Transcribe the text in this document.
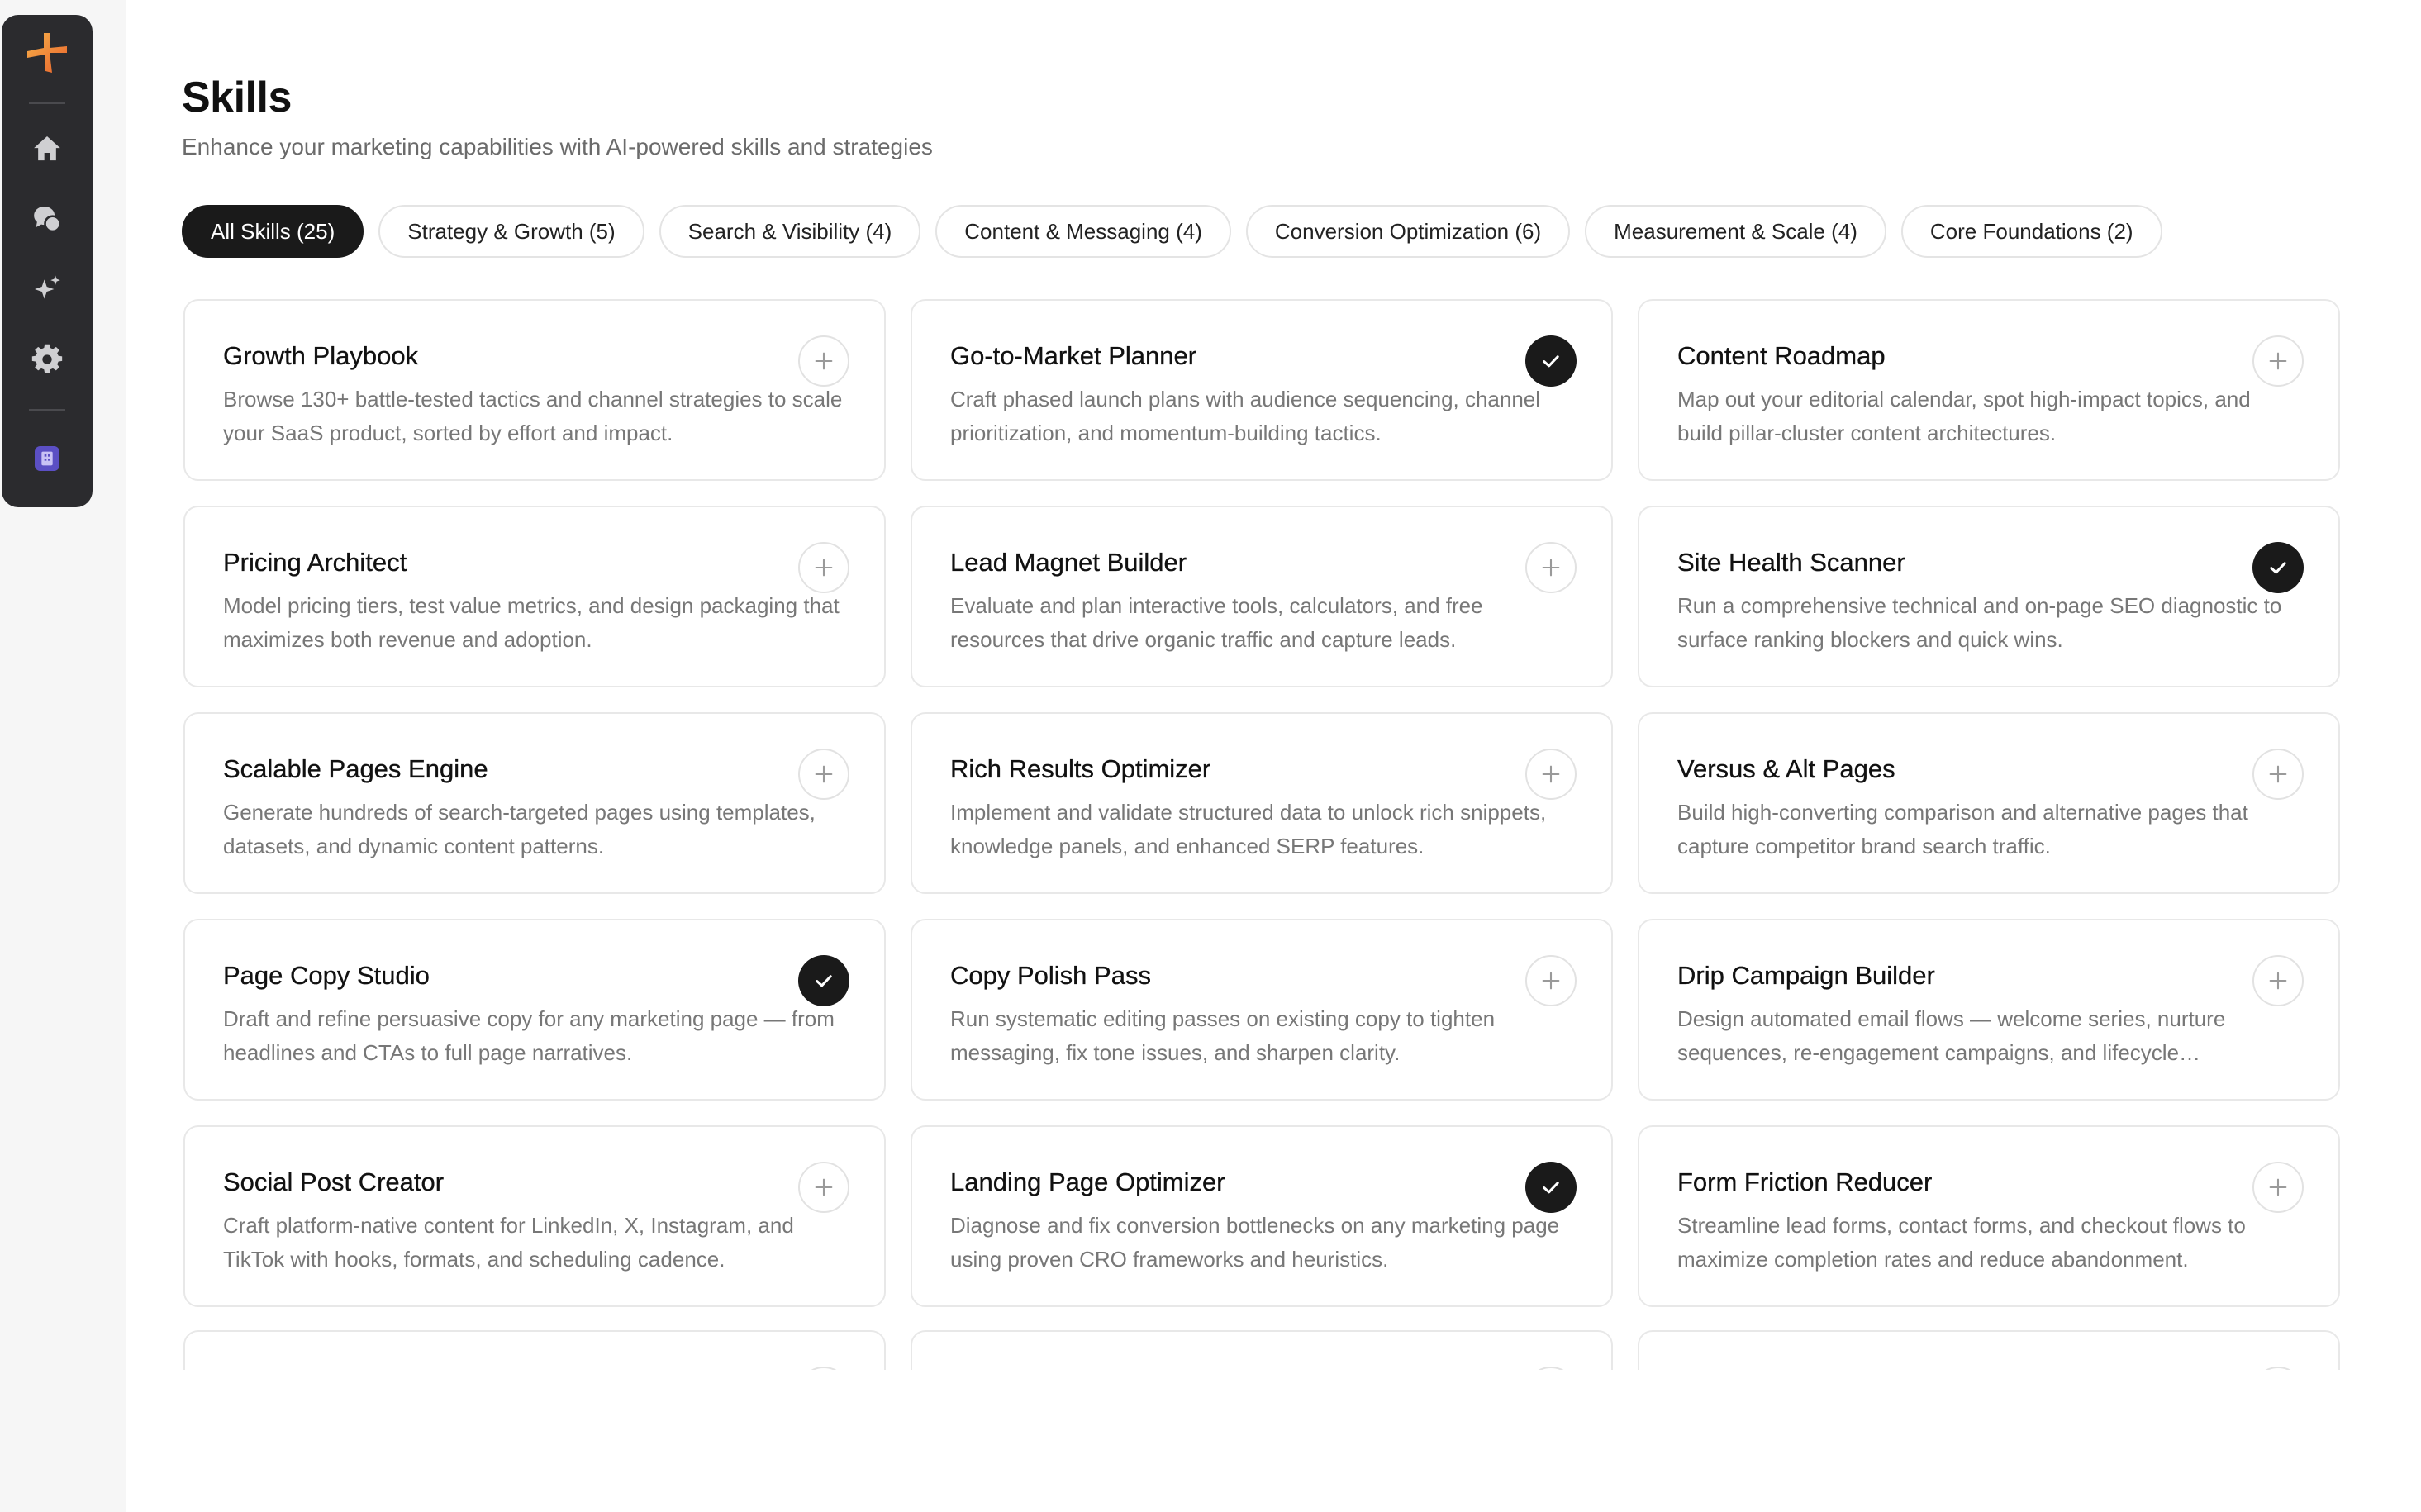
Skills

Enhance your marketing capabilities with AI-powered skills and strategies

All Skills (25)	Strategy & Growth (5)	Search & Visibility (4)	Content & Messaging (4)	Conversion Optimization (6)	Measurement & Scale (4)	Core Foundations (2)
Growth Playbook
Browse 130+ battle-tested tactics and channel strategies to scale your SaaS product, sorted by effort and impact.
Go-to-Market Planner
Craft phased launch plans with audience sequencing, channel prioritization, and momentum-building tactics.
Content Roadmap
Map out your editorial calendar, spot high-impact topics, and build pillar-cluster content architectures.
Pricing Architect
Model pricing tiers, test value metrics, and design packaging that maximizes both revenue and adoption.
Lead Magnet Builder
Evaluate and plan interactive tools, calculators, and free resources that drive organic traffic and capture leads.
Site Health Scanner
Run a comprehensive technical and on-page SEO diagnostic to surface ranking blockers and quick wins.
Scalable Pages Engine
Generate hundreds of search-targeted pages using templates, datasets, and dynamic content patterns.
Rich Results Optimizer
Implement and validate structured data to unlock rich snippets, knowledge panels, and enhanced SERP features.
Versus & Alt Pages
Build high-converting comparison and alternative pages that capture competitor brand search traffic.
Page Copy Studio
Draft and refine persuasive copy for any marketing page — from headlines and CTAs to full page narratives.
Copy Polish Pass
Run systematic editing passes on existing copy to tighten messaging, fix tone issues, and sharpen clarity.
Drip Campaign Builder
Design automated email flows — welcome series, nurture sequences, re-engagement campaigns, and lifecycle…
Social Post Creator
Craft platform-native content for LinkedIn, X, Instagram, and TikTok with hooks, formats, and scheduling cadence.
Landing Page Optimizer
Diagnose and fix conversion bottlenecks on any marketing page using proven CRO frameworks and heuristics.
Form Friction Reducer
Streamline lead forms, contact forms, and checkout flows to maximize completion rates and reduce abandonment.
